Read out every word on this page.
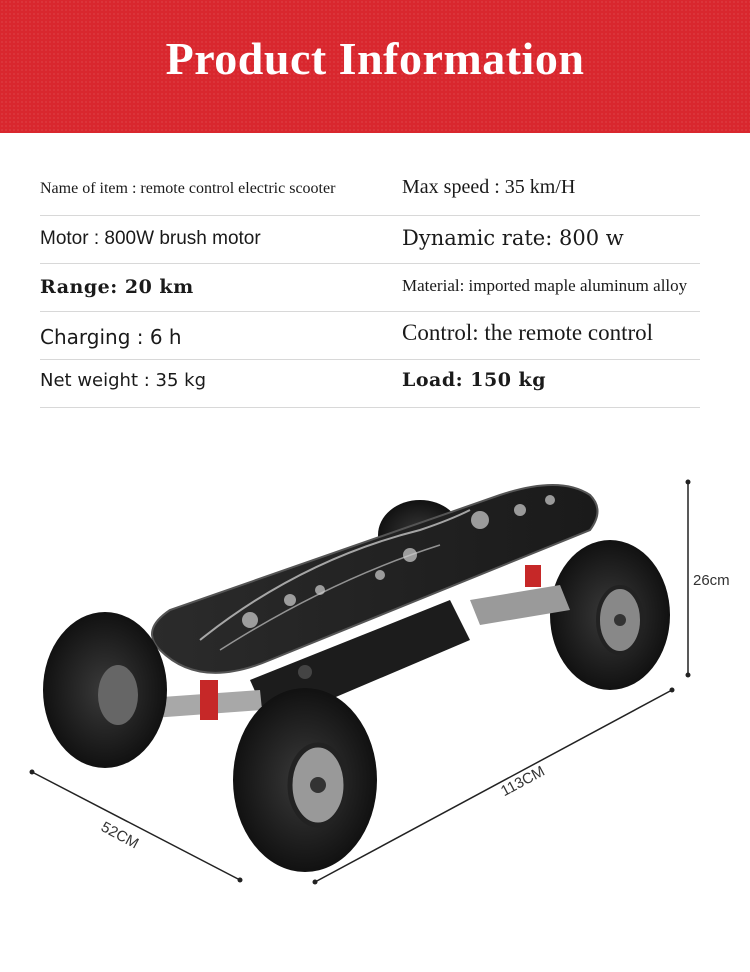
Product Information
Name of item : remote control electric scooter	Max speed : 35 km/H
Motor : 800W brush motor	Dynamic rate: 800 w
Range: 20 km	Material: imported maple aluminum alloy
Charging : 6 h	Control: the remote control
Net weight : 35 kg	Load: 150 kg
26cm
113CM
52CM
